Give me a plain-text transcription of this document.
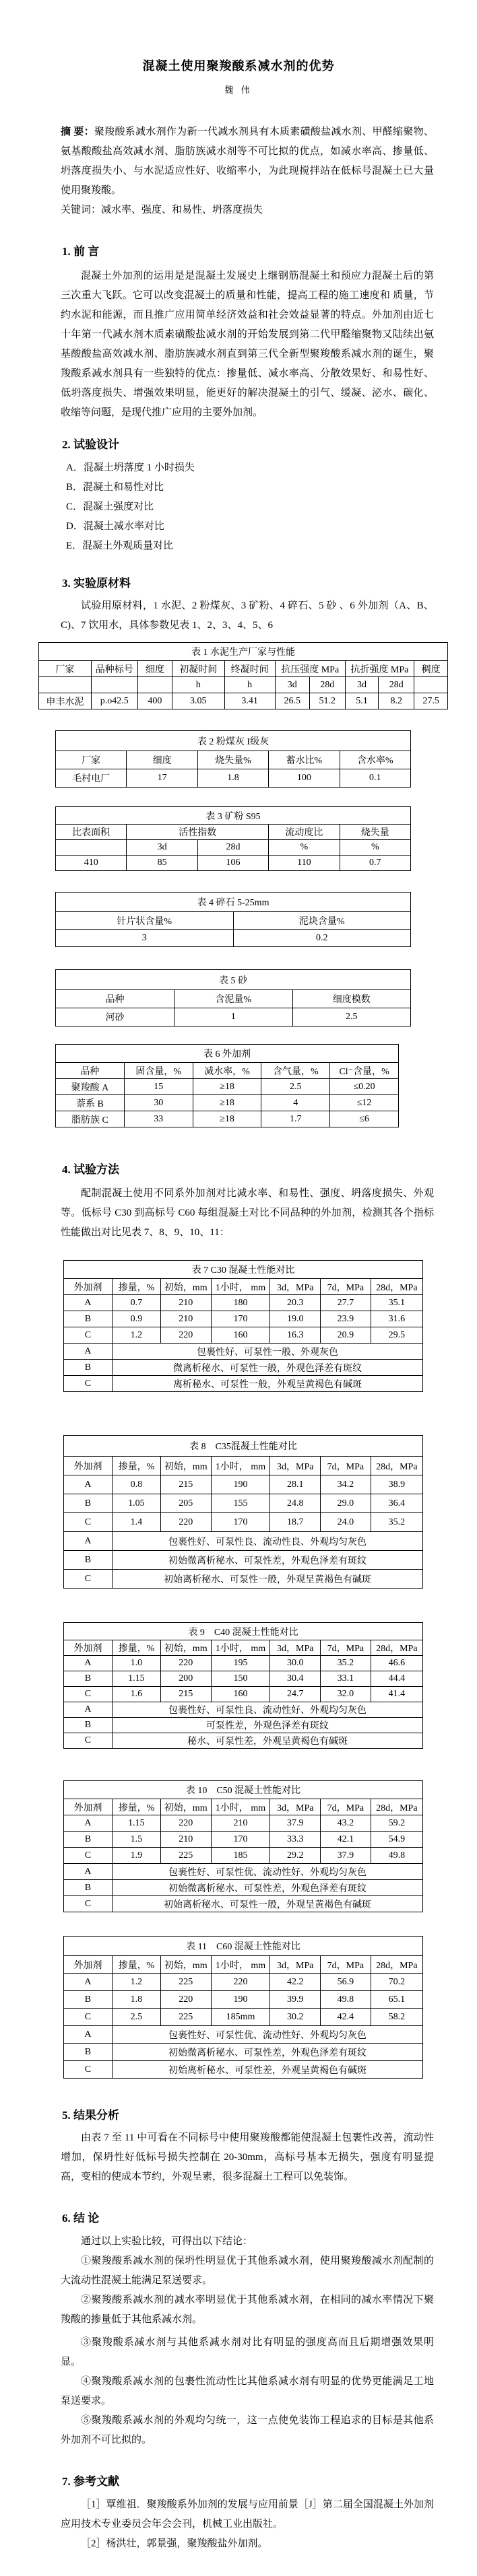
混凝土使用聚羧酸系减水剂的优势
魏 伟

摘 要：聚羧酸系减水剂作为新一代减水剂具有木质素磺酸盐减水剂、甲醛缩聚物、氨基酸酸盐高效减水剂、脂肪族减水剂等不可比拟的优点，如减水率高、掺量低、坍落度损失小、与水泥适应性好、收缩率小，为此现搅拌站在低标号混凝土已大量使用聚羧酸。

关键词：减水率、强度、和易性、坍落度损失

1. 前 言

混凝土外加剂的运用是是混凝土发展史上继钢筋混凝土和预应力混凝土后的第三次重大飞跃。它可以改变混凝土的质量和性能，提高工程的施工速度和 质量，节约水泥和能源，而且推广应用简单经济效益和社会效益显著的特点。外加剂由近七十年第一代减水剂木质素磺酸盐减水剂的开始发展到第二代甲醛缩聚物又陆续出氨基酸酸盐高效减水剂、脂肪族减水剂直到第三代全新型聚羧酸系减水剂的诞生，聚羧酸系减水剂具有一些独特的优点：掺量低、减水率高、分散效果好、和易性好、低坍落度损失、增强效果明显，能更好的解决混凝土的引气、缓凝、泌水、碳化、收缩等问题，是现代推广应用的主要外加剂。

2. 试验设计

A．混凝土坍落度 1 小时损失

B．混凝土和易性对比

C．混凝土强度对比

D．混凝土减水率对比

E．混凝土外观质量对比

3. 实验原材料

试验用原材料，1 水泥、2 粉煤灰、3 矿粉、4 碎石、5 砂 、6 外加剂（A、B、C)、7 饮用水，具体参数见表 1、2、3、4、5、6

表 1 水泥生产厂家与性能									
厂家	品种标号	细度	初凝时间	终凝时间	抗压强度 MPa		抗折强度 MPa		稠度
			h	h	3d	28d	3d	28d	
申丰水泥	p.o42.5	400	3.05	3.41	26.5	51.2	5.1	8.2	27.5
表 2 粉煤灰 I级灰				
厂家	细度	烧失量%	蓄水比%	含水率%
毛村电厂	17	1.8	100	0.1
表 3 矿粉 S95				
比表面积	活性指数		流动度比	烧失量
	3d	28d	%	%
410	85	106	110	0.7
表 4 碎石 5-25mm	
针片状含量%	泥块含量%
3	0.2
表 5 砂		
品种	含泥量%	细度模数
河砂	1	2.5
表 6 外加剂				
品种	固含量，%	减水率，%	含气量，%	Cl⁻含量，%
聚羧酸 A	15	≥18	2.5	≤0.20
萘系 B	30	≥18	4	≤12
脂肪族 C	33	≥18	1.7	≤6
4. 试验方法

配制混凝土使用不同系外加剂对比减水率、和易性、强度、坍落度损失、外观等。低标号 C30 到高标号 C60 每组混凝土对比不同品种的外加剂，检测其各个指标性能做出对比见表 7、8、9、10、11：

表 7 C30 混凝土性能对比						
外加剂	掺量，%	初始，mm	1小时， mm	3d，MPa	7d，MPa	28d，MPa
A	0.7	210	180	20.3	27.7	35.1
B	0.9	210	170	19.0	23.9	31.6
C	1.2	220	160	16.3	20.9	29.5
A	包裹性好、可泵性一般、外观灰色					
B	微离析秘水、可泵性一般，外观色泽差有斑纹					
C	离析秘水、可泵性一般，外观呈黄褐色有碱斑					
表 8　C35混凝土性能对比						
外加剂	掺量，%	初始，mm	1小时， mm	3d，MPa	7d，MPa	28d，MPa
A	0.8	215	190	28.1	34.2	38.9
B	1.05	205	155	24.8	29.0	36.4
C	1.4	220	170	18.7	24.0	35.2
A	包裹性好、可泵性良、流动性良、外观均匀灰色					
B	初始微离析秘水、可泵性差，外观色泽差有斑纹					
C	初始离析秘水、可泵性一般，外观呈黄褐色有碱斑					
表 9　C40 混凝土性能对比						
外加剂	掺量，%	初始，mm	1小时， mm	3d，MPa	7d，MPa	28d，MPa
A	1.0	220	195	30.0	35.2	46.6
B	1.15	200	150	30.4	33.1	44.4
C	1.6	215	160	24.7	32.0	41.4
A	包裹性好、可泵性良、流动性好、外观均匀灰色					
B	可泵性差，外观色泽差有斑纹					
C	秘水、可泵性差，外观呈黄褐色有碱斑					
表 10　C50 混凝土性能对比						
外加剂	掺量，%	初始，mm	1小时， mm	3d，MPa	7d，MPa	28d，MPa
A	1.15	220	210	37.9	43.2	59.2
B	1.5	210	170	33.3	42.1	54.9
C	1.9	225	185	29.2	37.9	49.8
A	包裹性好、可泵性优、流动性好、外观均匀灰色					
B	初始微离析秘水、可泵性差，外观色泽差有斑纹					
C	初始离析秘水、可泵性一般，外观呈黄褐色有碱斑					
表 11　C60 混凝土性能对比						
外加剂	掺量，%	初始，mm	1小时， mm	3d，MPa	7d，MPa	28d，MPa
A	1.2	225	220	42.2	56.9	70.2
B	1.8	220	190	39.9	49.8	65.1
C	2.5	225	185mm	30.2	42.4	58.2
A	包裹性好、可泵性优、流动性好、外观均匀灰色					
B	初始微离析秘水、可泵性差，外观色泽差有斑纹					
C	初始离析秘水、可泵性差，外观呈黄褐色有碱斑					
5. 结果分析

由表 7 至 11 中可看在不同标号中使用聚羧酸都能使混凝土包裹性改善，流动性增加，保坍性好低标号损失控制在 20-30mm，高标号基本无损失，强度有明显提高，变相的使成本节约，外观呈素，很多混凝土工程可以免装饰。

6. 结 论

通过以上实验比较，可得出以下结论：

①聚羧酸系减水剂的保坍性明显优于其他系减水剂，使用聚羧酸减水剂配制的大流动性混凝土能满足泵送要求。

②聚羧酸系减水剂的减水率明显优于其他系减水剂，在相同的减水率情况下聚羧酸的掺量低于其他系减水剂。

③聚羧酸系减水剂与其他系减水剂对比有明显的强度高而且后期增强效果明显。

④聚羧酸系减水剂的包裹性流动性比其他系减水剂有明显的优势更能满足工地泵送要求。

⑤聚羧酸系减水剂的外观均匀统一，这一点使免装饰工程追求的目标是其他系外加剂不可比拟的。

7. 参考文献

［1］覃维祖．聚羧酸系外加剂的发展与应用前景［J］第二届全国混凝土外加剂应用技术专业委员会年会会刊，机械工业出版社。

［2］杨洪壮，郭景强，聚羧酸盐外加剂。
